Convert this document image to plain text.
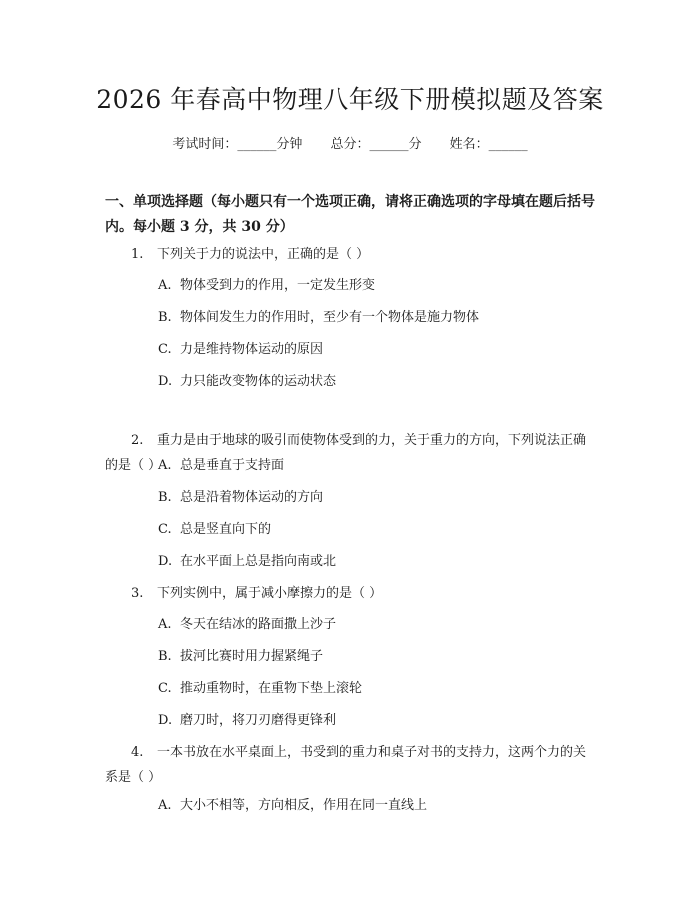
2026 年春高中物理八年级下册模拟题及答案
考试时间：______分钟 总分：______分 姓名：______
一、单项选择题（每小题只有一个选项正确，请将正确选项的字母填在题后括号内。每小题 3 分，共 30 分）
1. 下列关于力的说法中，正确的是（ ）
A. 物体受到力的作用，一定发生形变
B. 物体间发生力的作用时，至少有一个物体是施力物体
C. 力是维持物体运动的原因
D. 力只能改变物体的运动状态
2. 重力是由于地球的吸引而使物体受到的力，关于重力的方向，下列说法正确的是（ ）
A. 总是垂直于支持面
B. 总是沿着物体运动的方向
C. 总是竖直向下的
D. 在水平面上总是指向南或北
3. 下列实例中，属于减小摩擦力的是（ ）
A. 冬天在结冰的路面撒上沙子
B. 拔河比赛时用力握紧绳子
C. 推动重物时，在重物下垫上滚轮
D. 磨刀时，将刀刃磨得更锋利
4. 一本书放在水平桌面上，书受到的重力和桌子对书的支持力，这两个力的关系是（ ）
A. 大小不相等，方向相反，作用在同一直线上
